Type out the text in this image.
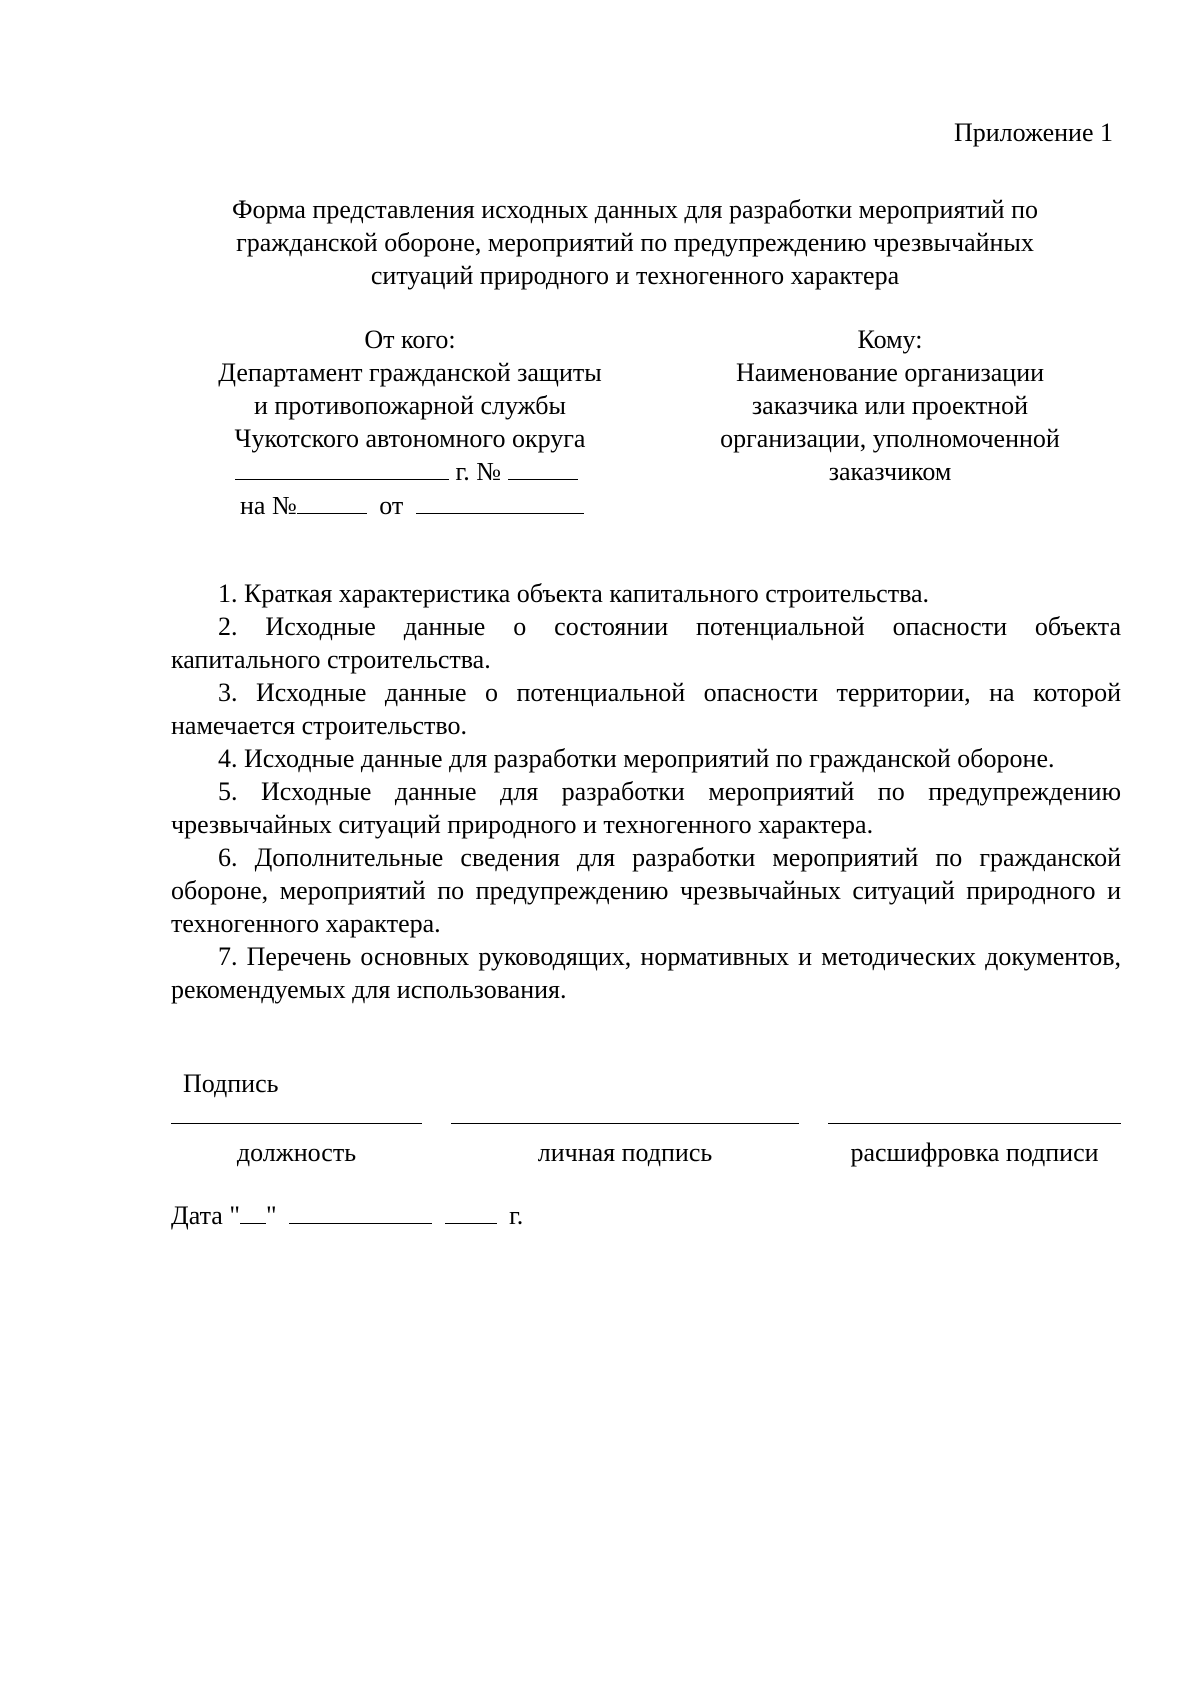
Приложение 1
Форма представления исходных данных для разработки мероприятий по
гражданской обороне, мероприятий по предупреждению чрезвычайных
ситуаций природного и техногенного характера
От кого:
Департамент гражданской защиты
и противопожарной службы
Чукотского автономного округа
г. №
на №	от
Кому:
Наименование организации
заказчика или проектной
организации, уполномоченной
заказчиком

1. Краткая характеристика объекта капитального строительства.

2. Исходные данные о состоянии потенциальной опасности объекта капитального строительства.

3. Исходные данные о потенциальной опасности территории, на которой намечается строительство.

4. Исходные данные для разработки мероприятий по гражданской обороне.

5. Исходные данные для разработки мероприятий по предупреждению чрезвычайных ситуаций природного и техногенного характера.

6. Дополнительные сведения для разработки мероприятий по гражданской обороне, мероприятий по предупреждению чрезвычайных ситуаций природного и техногенного характера.

7. Перечень основных руководящих, нормативных и методических документов, рекомендуемых для использования.

Подпись
должность	личная подпись	расшифровка подписи
Дата " "	г.
